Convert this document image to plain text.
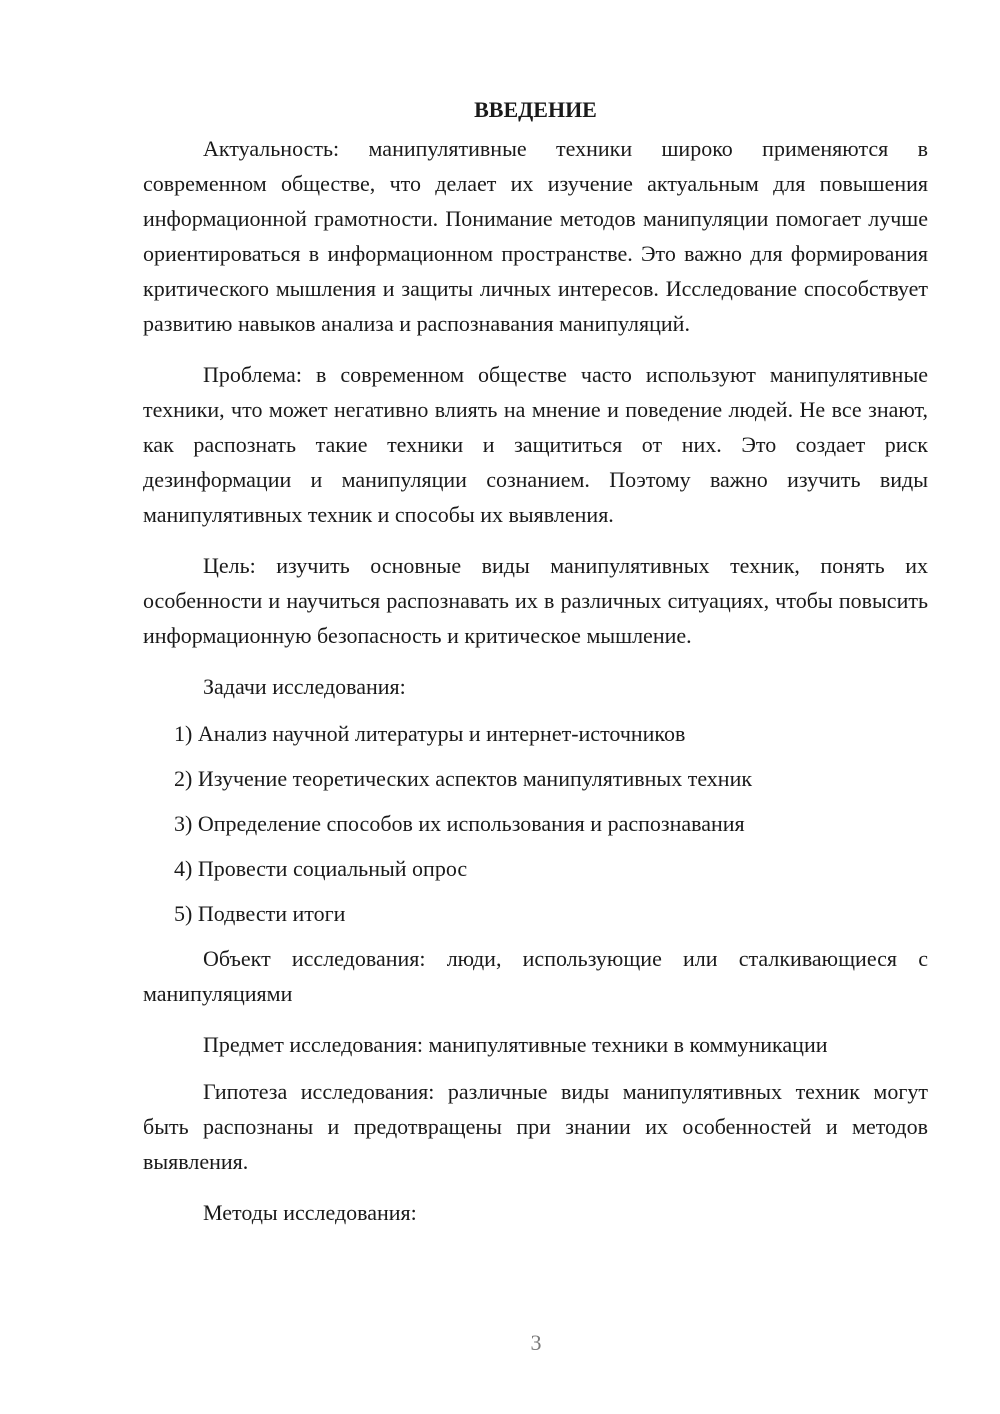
ВВЕДЕНИЕ

Актуальность: манипулятивные техники широко применяются в современном обществе, что делает их изучение актуальным для повышения информационной грамотности. Понимание методов манипуляции помогает лучше ориентироваться в информационном пространстве. Это важно для формирования критического мышления и защиты личных интересов. Исследование способствует развитию навыков анализа и распознавания манипуляций.

Проблема: в современном обществе часто используют манипулятивные техники, что может негативно влиять на мнение и поведение людей. Не все знают, как распознать такие техники и защититься от них. Это создает риск дезинформации и манипуляции сознанием. Поэтому важно изучить виды манипулятивных техник и способы их выявления.

Цель: изучить основные виды манипулятивных техник, понять их особенности и научиться распознавать их в различных ситуациях, чтобы повысить информационную безопасность и критическое мышление.

Задачи исследования:

1) Анализ научной литературы и интернет-источников
2) Изучение теоретических аспектов манипулятивных техник
3) Определение способов их использования и распознавания
4) Провести социальный опрос
5) Подвести итоги

Объект исследования: люди, использующие или сталкивающиеся с манипуляциями

Предмет исследования: манипулятивные техники в коммуникации

Гипотеза исследования: различные виды манипулятивных техник могут быть распознаны и предотвращены при знании их особенностей и методов выявления.

Методы исследования:

3
